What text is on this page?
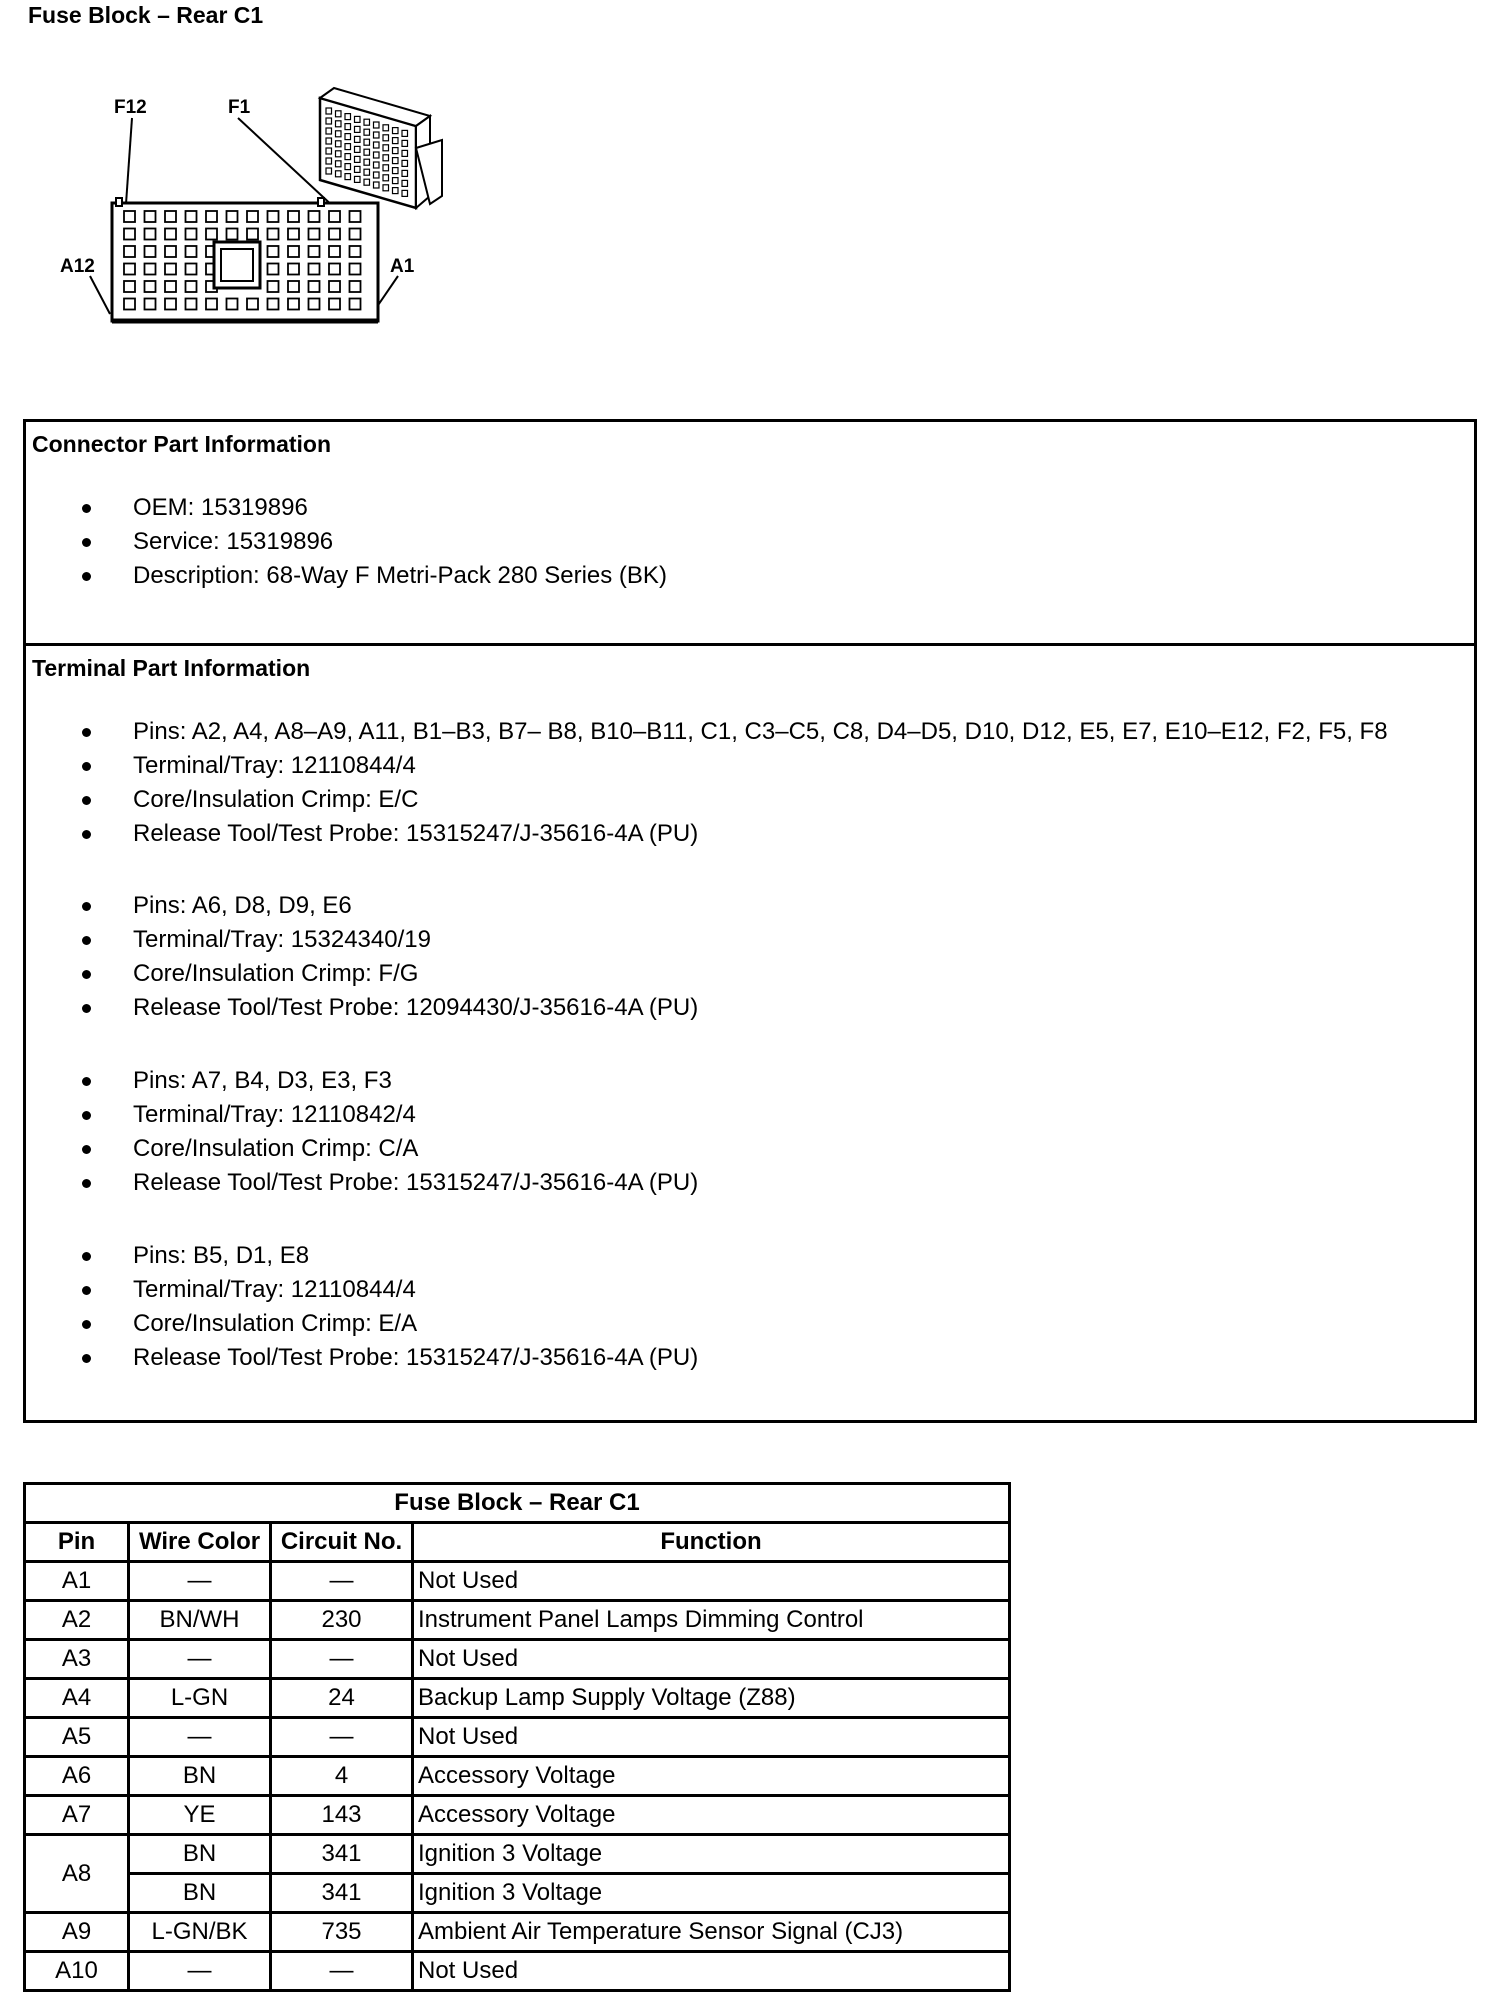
Fuse Block – Rear C1
F12	F1
A12	A1
Connector Part Information
OEM: 15319896
Service: 15319896
Description: 68-Way F Metri-Pack 280 Series (BK)
Terminal Part Information
Pins: A2, A4, A8–A9, A11, B1–B3, B7– B8, B10–B11, C1, C3–C5, C8, D4–D5, D10, D12, E5, E7, E10–E12, F2, F5, F8
Terminal/Tray: 12110844/4
Core/Insulation Crimp: E/C
Release Tool/Test Probe: 15315247/J-35616-4A (PU)
Pins: A6, D8, D9, E6
Terminal/Tray: 15324340/19
Core/Insulation Crimp: F/G
Release Tool/Test Probe: 12094430/J-35616-4A (PU)
Pins: A7, B4, D3, E3, F3
Terminal/Tray: 12110842/4
Core/Insulation Crimp: C/A
Release Tool/Test Probe: 15315247/J-35616-4A (PU)
Pins: B5, D1, E8
Terminal/Tray: 12110844/4
Core/Insulation Crimp: E/A
Release Tool/Test Probe: 15315247/J-35616-4A (PU)
Fuse Block – Rear C1			
Pin	Wire Color	Circuit No.	Function
A1	—	—	Not Used
A2	BN/WH	230	Instrument Panel Lamps Dimming Control
A3	—	—	Not Used
A4	L-GN	24	Backup Lamp Supply Voltage (Z88)
A5	—	—	Not Used
A6	BN	4	Accessory Voltage
A7	YE	143	Accessory Voltage
A8	BN	341	Ignition 3 Voltage
	BN	341	Ignition 3 Voltage
A9	L-GN/BK	735	Ambient Air Temperature Sensor Signal (CJ3)
A10	—	—	Not Used
